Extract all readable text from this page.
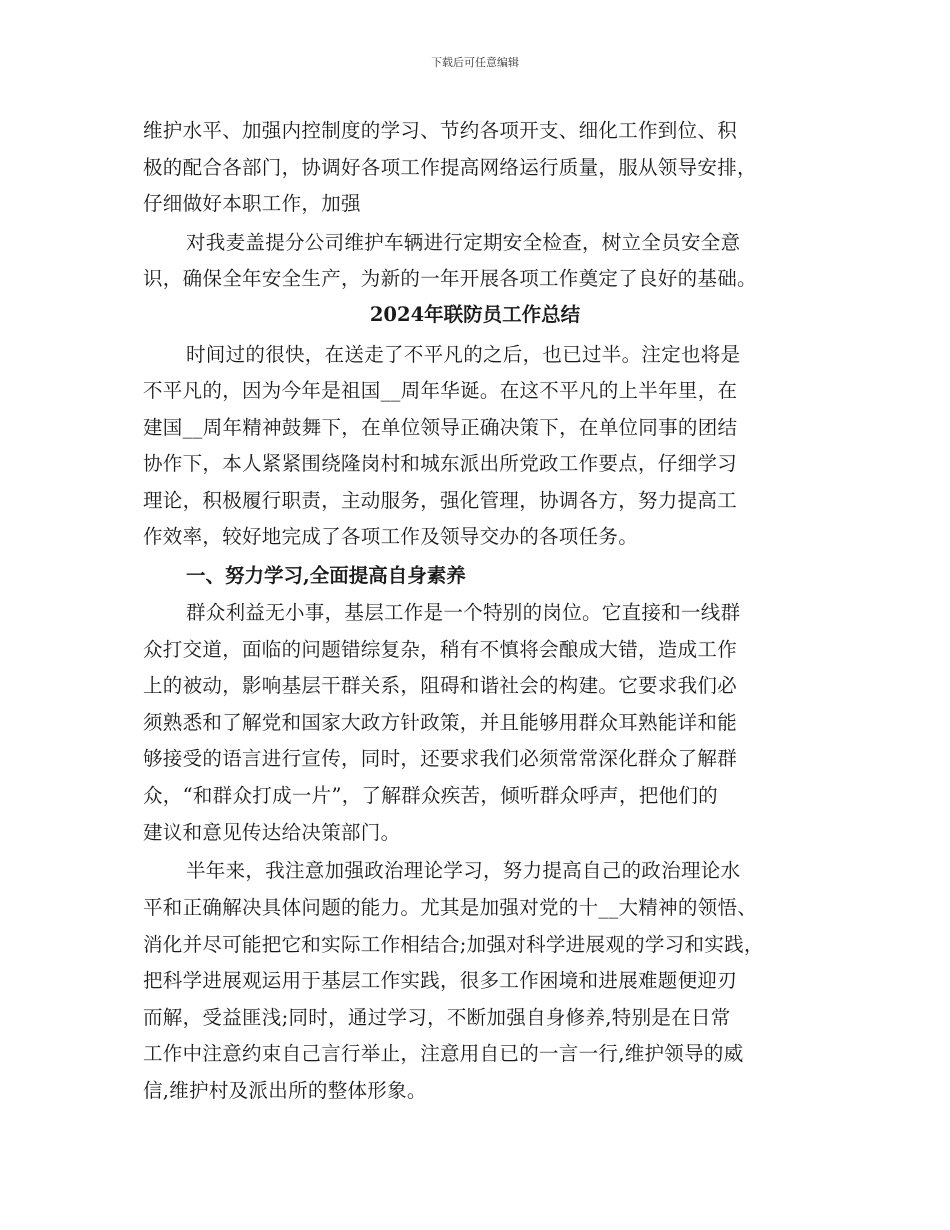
下载后可任意编辑
维护水平、加强内控制度的学习、节约各项开支、细化工作到位、积
极的配合各部门，协调好各项工作提高网络运行质量，服从领导安排，
仔细做好本职工作，加强
对我麦盖提分公司维护车辆进行定期安全检查，树立全员安全意
识，确保全年安全生产，为新的一年开展各项工作奠定了良好的基础。
2024年联防员工作总结
时间过的很快，在送走了不平凡的之后，也已过半。注定也将是
不平凡的，因为今年是祖国__周年华诞。在这不平凡的上半年里，在
建国__周年精神鼓舞下，在单位领导正确决策下，在单位同事的团结
协作下，本人紧紧围绕隆岗村和城东派出所党政工作要点，仔细学习
理论，积极履行职责，主动服务，强化管理，协调各方，努力提高工
作效率，较好地完成了各项工作及领导交办的各项任务。
一、努力学习,全面提高自身素养
群众利益无小事，基层工作是一个特别的岗位。它直接和一线群
众打交道，面临的问题错综复杂，稍有不慎将会酿成大错，造成工作
上的被动，影响基层干群关系，阻碍和谐社会的构建。它要求我们必
须熟悉和了解党和国家大政方针政策，并且能够用群众耳熟能详和能
够接受的语言进行宣传，同时，还要求我们必须常常深化群众了解群
众，“和群众打成一片”，了解群众疾苦，倾听群众呼声，把他们的
建议和意见传达给决策部门。
半年来，我注意加强政治理论学习，努力提高自己的政治理论水
平和正确解决具体问题的能力。尤其是加强对党的十__大精神的领悟、
消化并尽可能把它和实际工作相结合;加强对科学进展观的学习和实践，
把科学进展观运用于基层工作实践，很多工作困境和进展难题便迎刃
而解，受益匪浅;同时，通过学习，不断加强自身修养,特别是在日常
工作中注意约束自己言行举止，注意用自已的一言一行,维护领导的威
信,维护村及派出所的整体形象。
